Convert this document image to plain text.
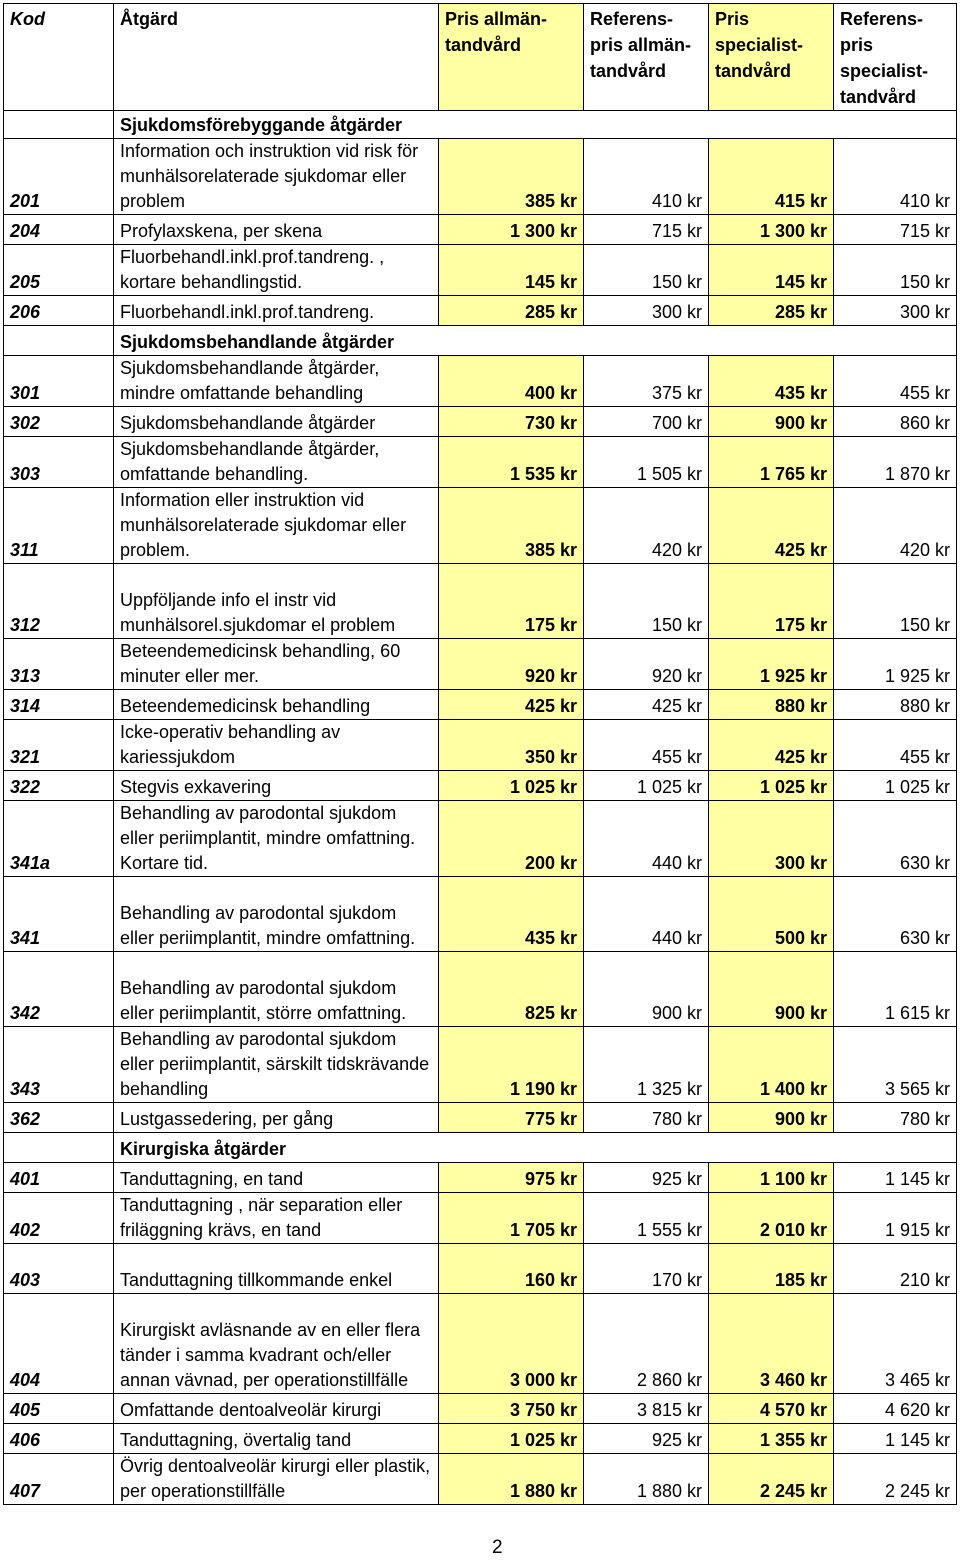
Kod	Åtgärd	Pris allmän-tandvård	Referens-pris allmän-tandvård	Pris specialist-tandvård	Referens-pris specialist-tandvård
	Sjukdomsförebyggande åtgärder				
201	Information och instruktion vid risk för munhälsorelaterade sjukdomar eller problem	385 kr	410 kr	415 kr	410 kr
204	Profylaxskena, per skena	1 300 kr	715 kr	1 300 kr	715 kr
205	Fluorbehandl.inkl.prof.tandreng. , kortare behandlingstid.	145 kr	150 kr	145 kr	150 kr
206	Fluorbehandl.inkl.prof.tandreng.	285 kr	300 kr	285 kr	300 kr
	Sjukdomsbehandlande åtgärder				
301	Sjukdomsbehandlande åtgärder, mindre omfattande behandling	400 kr	375 kr	435 kr	455 kr
302	Sjukdomsbehandlande åtgärder	730 kr	700 kr	900 kr	860 kr
303	Sjukdomsbehandlande åtgärder, omfattande behandling.	1 535 kr	1 505 kr	1 765 kr	1 870 kr
311	Information eller instruktion vid munhälsorelaterade sjukdomar eller problem.	385 kr	420 kr	425 kr	420 kr
312	Uppföljande info el instr vid munhälsorel.sjukdomar el problem	175 kr	150 kr	175 kr	150 kr
313	Beteendemedicinsk behandling, 60 minuter eller mer.	920 kr	920 kr	1 925 kr	1 925 kr
314	Beteendemedicinsk behandling	425 kr	425 kr	880 kr	880 kr
321	Icke-operativ behandling av kariessjukdom	350 kr	455 kr	425 kr	455 kr
322	Stegvis exkavering	1 025 kr	1 025 kr	1 025 kr	1 025 kr
341a	Behandling av parodontal sjukdom eller periimplantit, mindre omfattning. Kortare tid.	200 kr	440 kr	300 kr	630 kr
341	Behandling av parodontal sjukdom eller periimplantit, mindre omfattning.	435 kr	440 kr	500 kr	630 kr
342	Behandling av parodontal sjukdom eller periimplantit, större omfattning.	825 kr	900 kr	900 kr	1 615 kr
343	Behandling av parodontal sjukdom eller periimplantit, särskilt tidskrävande behandling	1 190 kr	1 325 kr	1 400 kr	3 565 kr
362	Lustgassedering, per gång	775 kr	780 kr	900 kr	780 kr
	Kirurgiska åtgärder				
401	Tanduttagning, en tand	975 kr	925 kr	1 100 kr	1 145 kr
402	Tanduttagning , när separation eller friläggning krävs, en tand	1 705 kr	1 555 kr	2 010 kr	1 915 kr
403	Tanduttagning tillkommande enkel	160 kr	170 kr	185 kr	210 kr
404	Kirurgiskt avläsnande av en eller flera tänder i samma kvadrant och/eller annan vävnad, per operationstillfälle	3 000 kr	2 860 kr	3 460 kr	3 465 kr
405	Omfattande dentoalveolär kirurgi	3 750 kr	3 815 kr	4 570 kr	4 620 kr
406	Tanduttagning, övertalig tand	1 025 kr	925 kr	1 355 kr	1 145 kr
407	Övrig dentoalveolär kirurgi eller plastik, per operationstillfälle	1 880 kr	1 880 kr	2 245 kr	2 245 kr
2
